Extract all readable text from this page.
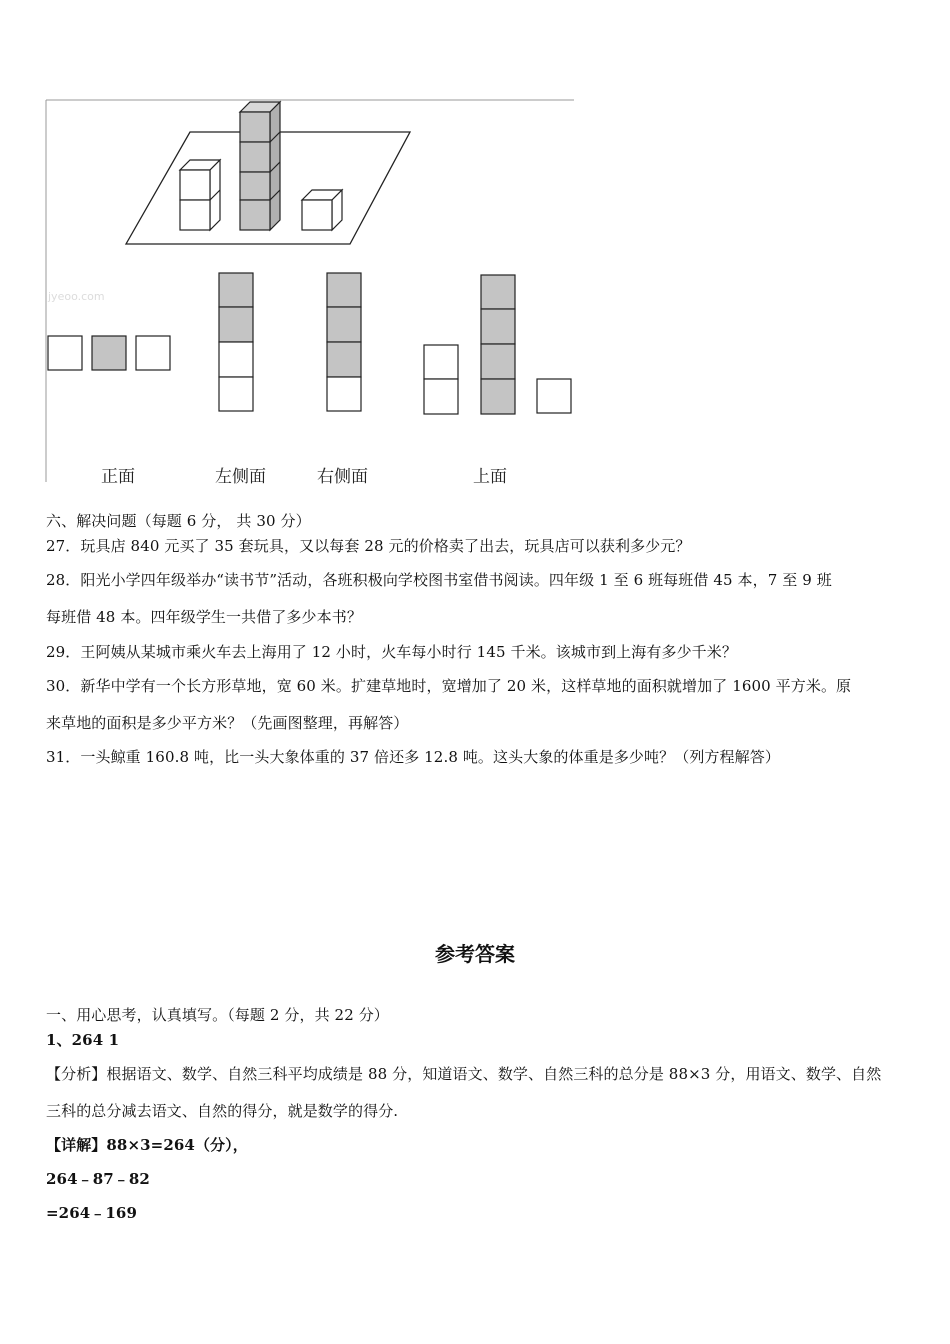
jyeoo.com
正面	左侧面	右侧面	上面
六、解决问题（每题 6 分， 共 30 分）
27．玩具店 840 元买了 35 套玩具，又以每套 28 元的价格卖了出去，玩具店可以获利多少元？
28．阳光小学四年级举办“读书节”活动，各班积极向学校图书室借书阅读。四年级 1 至 6 班每班借 45 本，7 至 9 班
每班借 48 本。四年级学生一共借了多少本书？
29．王阿姨从某城市乘火车去上海用了 12 小时，火车每小时行 145 千米。该城市到上海有多少千米？
30．新华中学有一个长方形草地，宽 60 米。扩建草地时，宽增加了 20 米，这样草地的面积就增加了 1600 平方米。原
来草地的面积是多少平方米？（先画图整理，再解答）
31．一头鲸重 160.8 吨，比一头大象体重的 37 倍还多 12.8 吨。这头大象的体重是多少吨？（列方程解答）
参考答案
一、用心思考，认真填写。（每题 2 分，共 22 分）
1、264 1
【分析】根据语文、数学、自然三科平均成绩是 88 分，知道语文、数学、自然三科的总分是 88×3 分，用语文、数学、自然
三科的总分减去语文、自然的得分，就是数学的得分.
【详解】88×3=264（分），
264﹣87﹣82
=264﹣169
